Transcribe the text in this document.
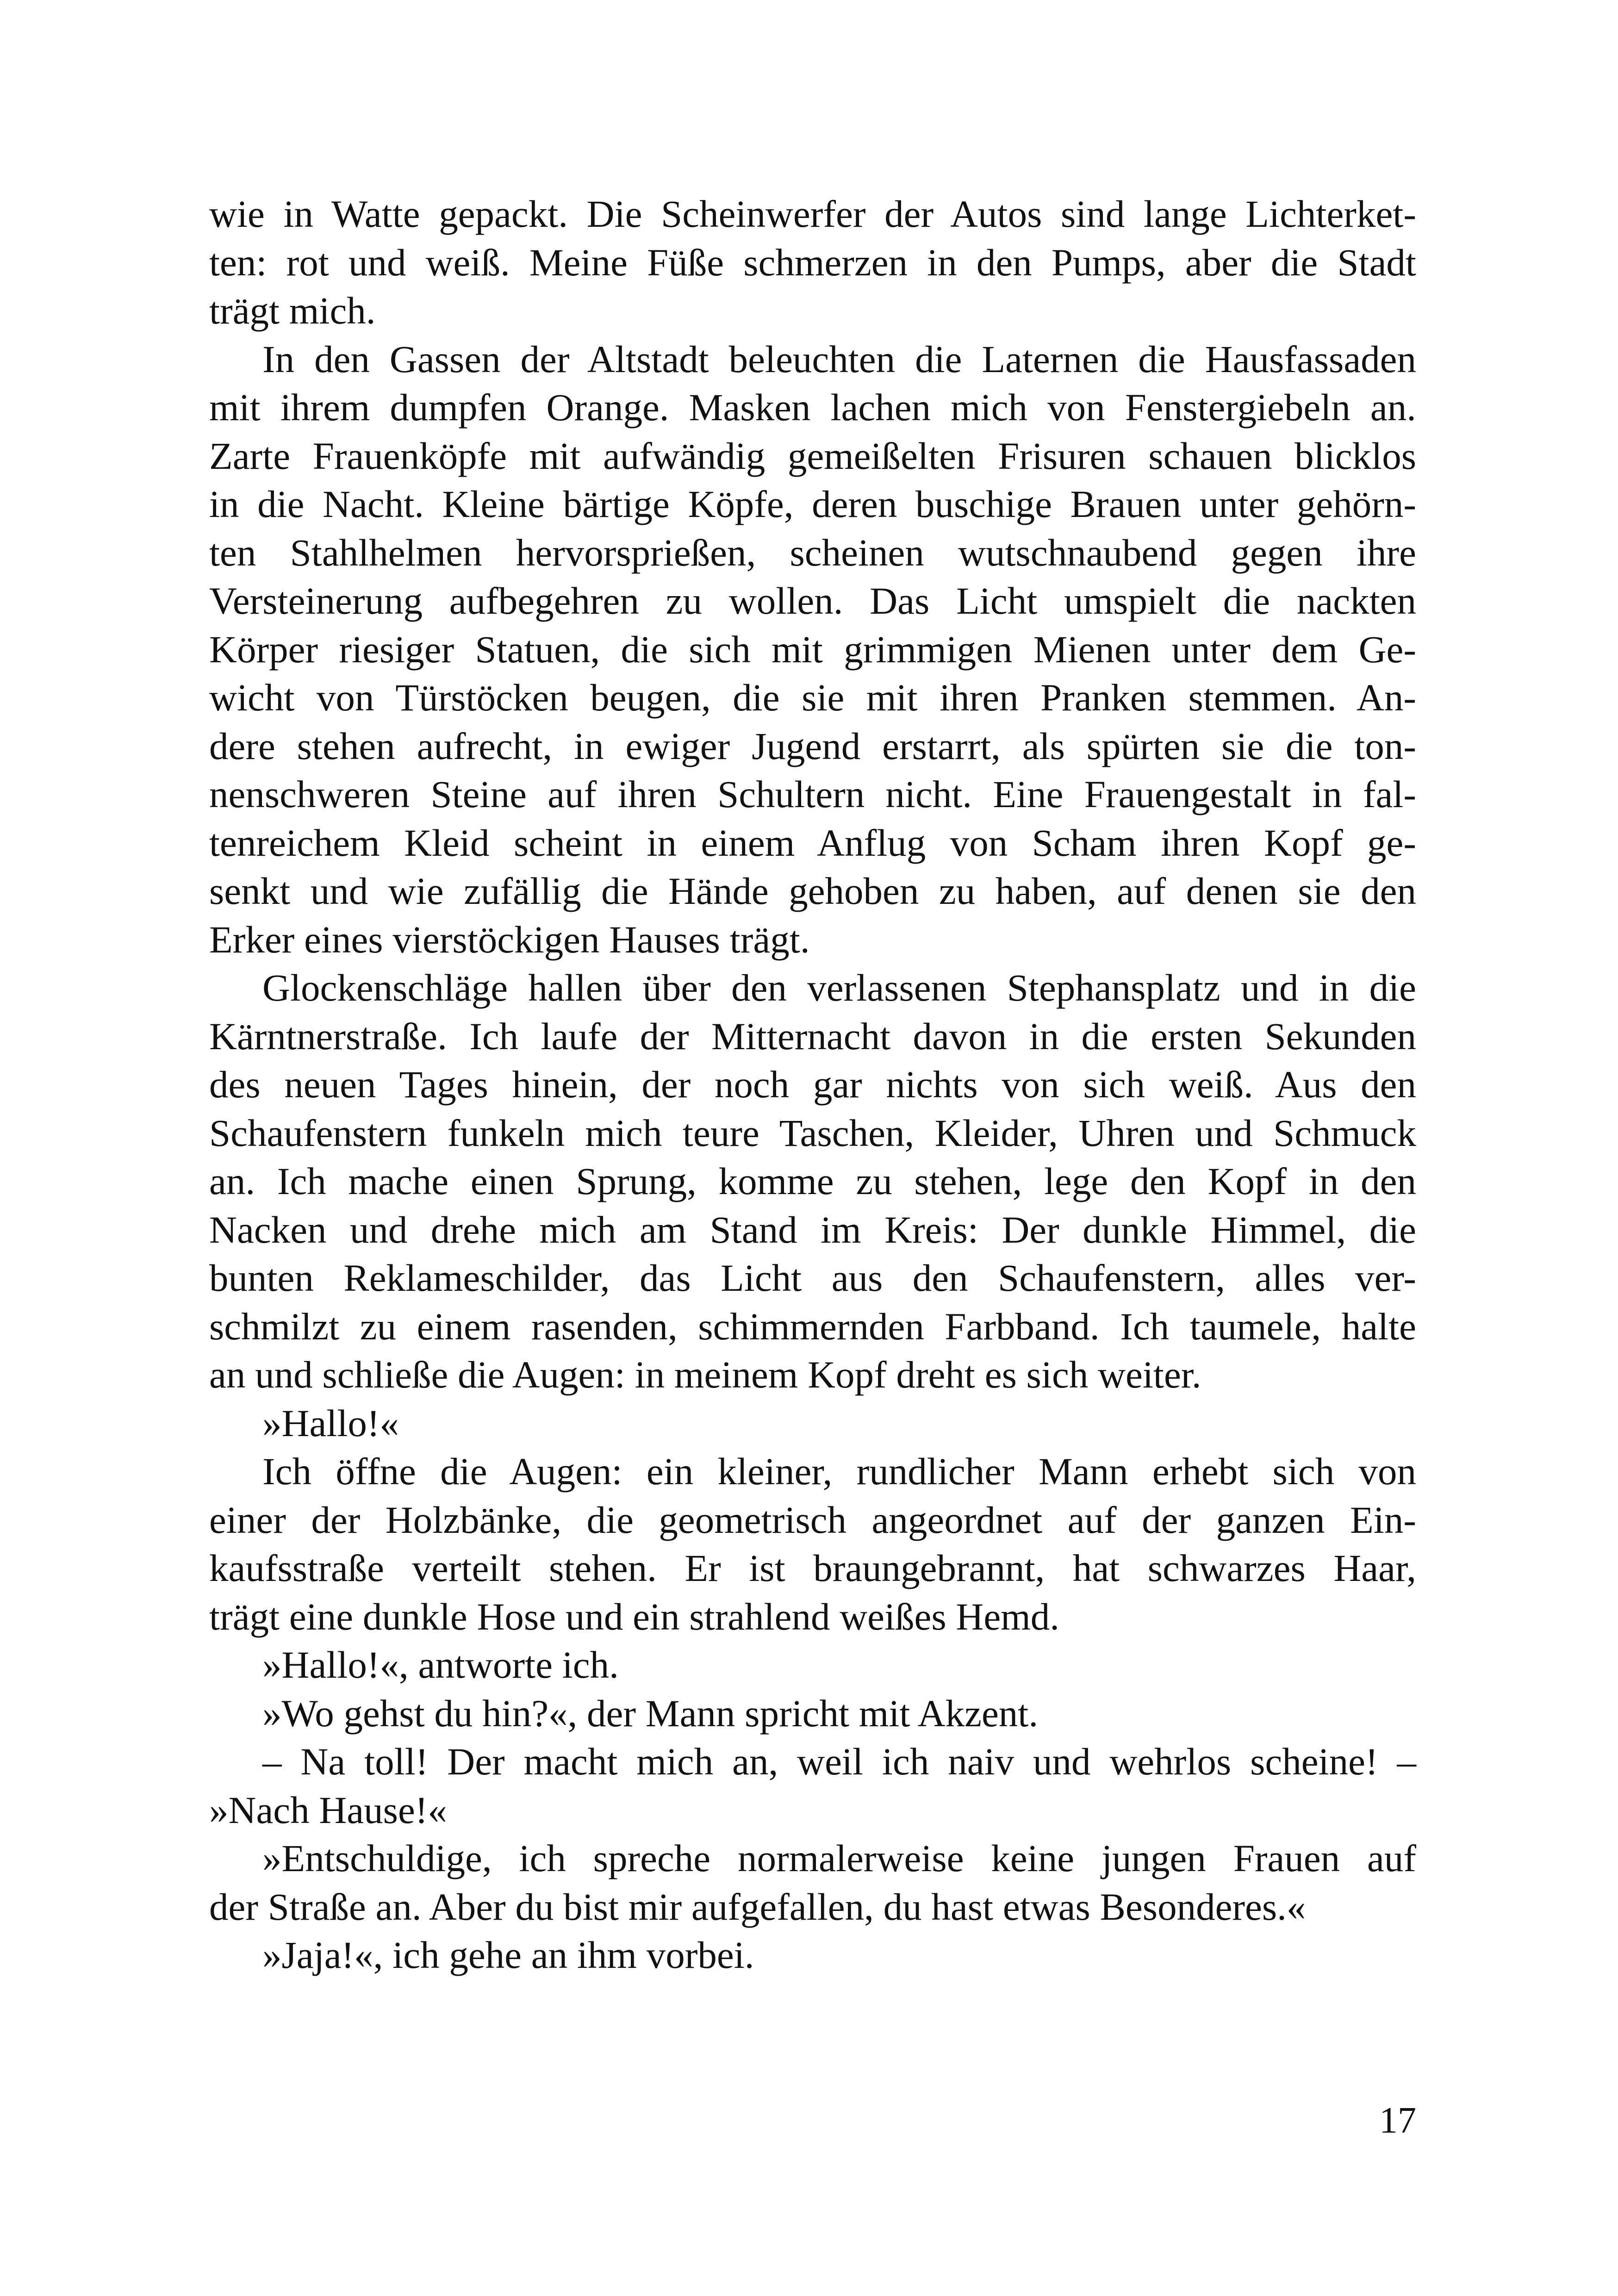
wie in Watte gepackt. Die Scheinwerfer der Autos sind lange Lichterket-
ten: rot und weiß. Meine Füße schmerzen in den Pumps, aber die Stadt
trägt mich.
In den Gassen der Altstadt beleuchten die Laternen die Hausfassaden
mit ihrem dumpfen Orange. Masken lachen mich von Fenstergiebeln an.
Zarte Frauenköpfe mit aufwändig gemeißelten Frisuren schauen blicklos
in die Nacht. Kleine bärtige Köpfe, deren buschige Brauen unter gehörn-
ten Stahlhelmen hervorsprießen, scheinen wutschnaubend gegen ihre
Versteinerung aufbegehren zu wollen. Das Licht umspielt die nackten
Körper riesiger Statuen, die sich mit grimmigen Mienen unter dem Ge-
wicht von Türstöcken beugen, die sie mit ihren Pranken stemmen. An-
dere stehen aufrecht, in ewiger Jugend erstarrt, als spürten sie die ton-
nenschweren Steine auf ihren Schultern nicht. Eine Frauengestalt in fal-
tenreichem Kleid scheint in einem Anflug von Scham ihren Kopf ge-
senkt und wie zufällig die Hände gehoben zu haben, auf denen sie den
Erker eines vierstöckigen Hauses trägt.
Glockenschläge hallen über den verlassenen Stephansplatz und in die
Kärntnerstraße. Ich laufe der Mitternacht davon in die ersten Sekunden
des neuen Tages hinein, der noch gar nichts von sich weiß. Aus den
Schaufenstern funkeln mich teure Taschen, Kleider, Uhren und Schmuck
an. Ich mache einen Sprung, komme zu stehen, lege den Kopf in den
Nacken und drehe mich am Stand im Kreis: Der dunkle Himmel, die
bunten Reklameschilder, das Licht aus den Schaufenstern, alles ver-
schmilzt zu einem rasenden, schimmernden Farbband. Ich taumele, halte
an und schließe die Augen: in meinem Kopf dreht es sich weiter.
»Hallo!«
Ich öffne die Augen: ein kleiner, rundlicher Mann erhebt sich von
einer der Holzbänke, die geometrisch angeordnet auf der ganzen Ein-
kaufsstraße verteilt stehen. Er ist braungebrannt, hat schwarzes Haar,
trägt eine dunkle Hose und ein strahlend weißes Hemd.
»Hallo!«, antworte ich.
»Wo gehst du hin?«, der Mann spricht mit Akzent.
– Na toll! Der macht mich an, weil ich naiv und wehrlos scheine! –
»Nach Hause!«
»Entschuldige, ich spreche normalerweise keine jungen Frauen auf
der Straße an. Aber du bist mir aufgefallen, du hast etwas Besonderes.«
»Jaja!«, ich gehe an ihm vorbei.
17
